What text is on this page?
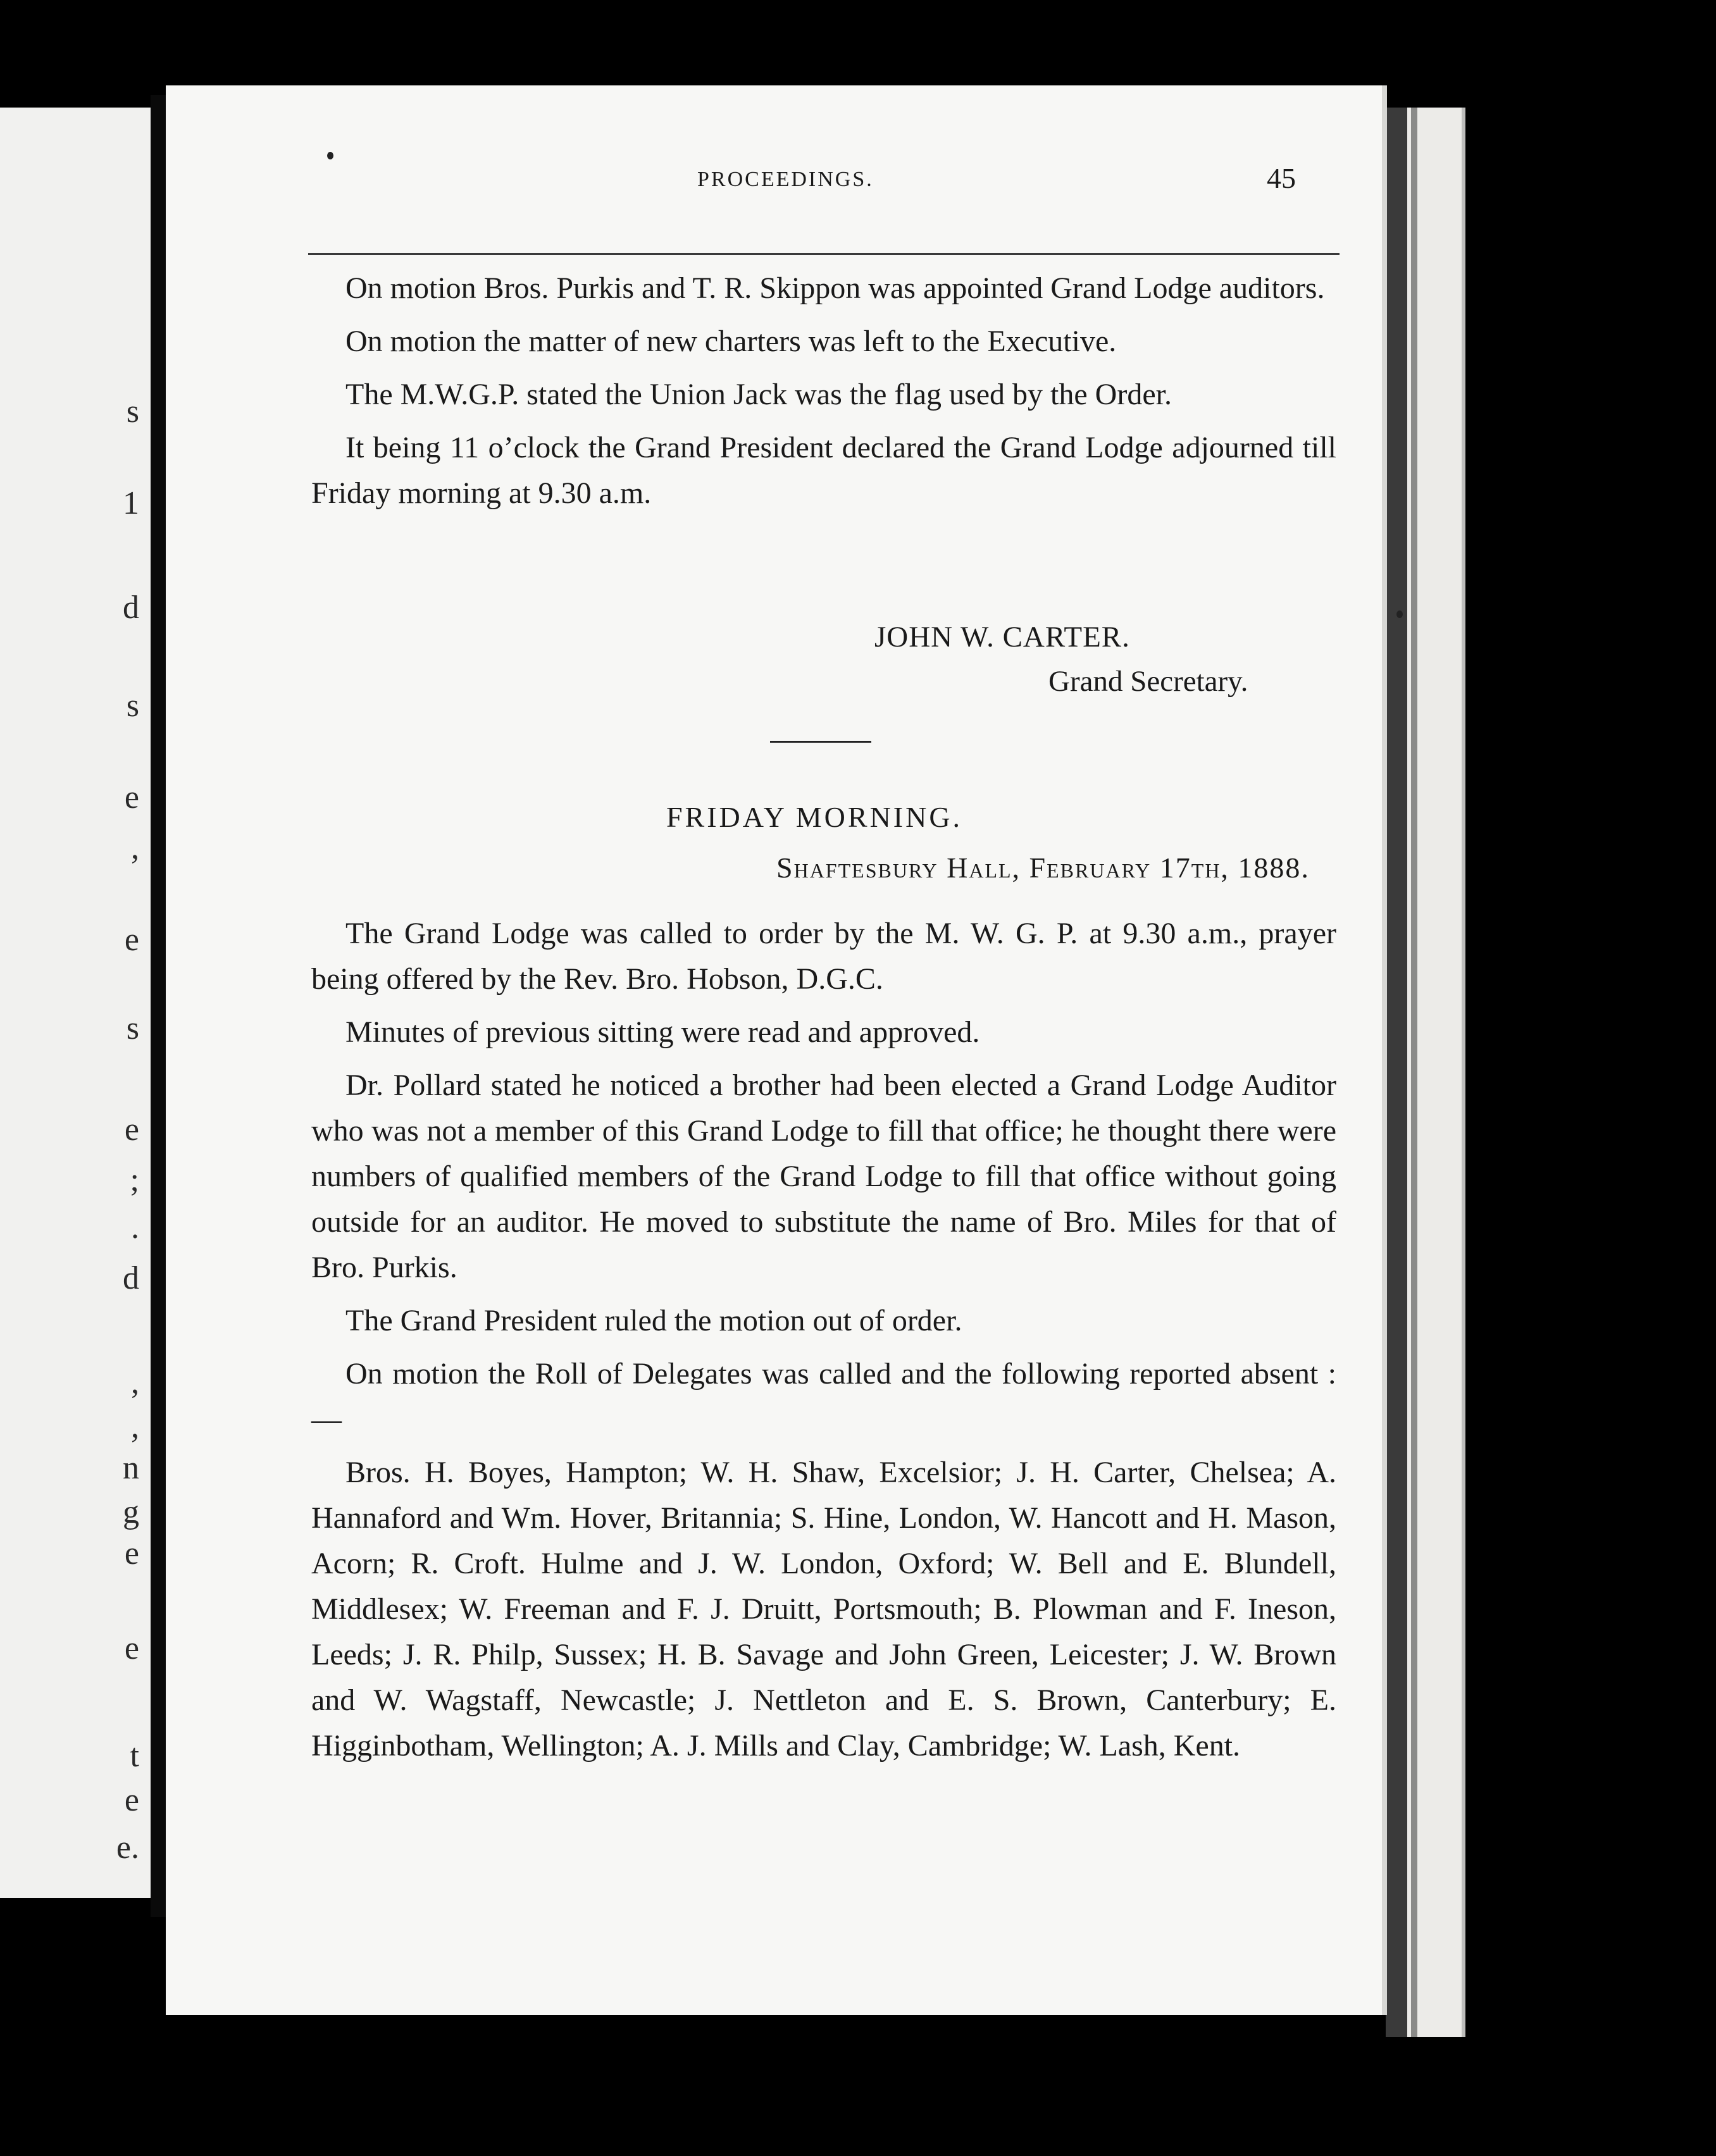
s
1
d
s
e
,
e
s
e
;
.
d
,
,
n
g
e
e
t
e
e.
PROCEEDINGS.	45

On motion Bros. Purkis and T. R. Skippon was appointed Grand Lodge auditors.

On motion the matter of new charters was left to the Executive.

The M.W.G.P. stated the Union Jack was the flag used by the Order.

It being 11 o’clock the Grand President declared the Grand Lodge adjourned till Friday morning at 9.30 a.m.

JOHN W. CARTER.
Grand Secretary.
FRIDAY MORNING.
Shaftesbury Hall, February 17th, 1888.

The Grand Lodge was called to order by the M. W. G. P. at 9.30 a.m., prayer being offered by the Rev. Bro. Hobson, D.G.C.

Minutes of previous sitting were read and approved.

Dr. Pollard stated he noticed a brother had been elected a Grand Lodge Auditor who was not a member of this Grand Lodge to fill that office; he thought there were numbers of qualified members of the Grand Lodge to fill that office without going outside for an auditor. He moved to substitute the name of Bro. Miles for that of Bro. Purkis.

The Grand President ruled the motion out of order.

On motion the Roll of Delegates was called and the following reported absent :—

Bros. H. Boyes, Hampton; W. H. Shaw, Excelsior; J. H. Carter, Chelsea; A. Hannaford and Wm. Hover, Britannia; S. Hine, London, W. Hancott and H. Mason, Acorn; R. Croft. Hulme and J. W. London, Oxford; W. Bell and E. Blundell, Middlesex; W. Freeman and F. J. Druitt, Portsmouth; B. Plowman and F. Ineson, Leeds; J. R. Philp, Sussex; H. B. Savage and John Green, Leicester; J. W. Brown and W. Wagstaff, Newcastle; J. Nettleton and E. S. Brown, Canterbury; E. Higginbotham, Wellington; A. J. Mills and Clay, Cambridge; W. Lash, Kent.
